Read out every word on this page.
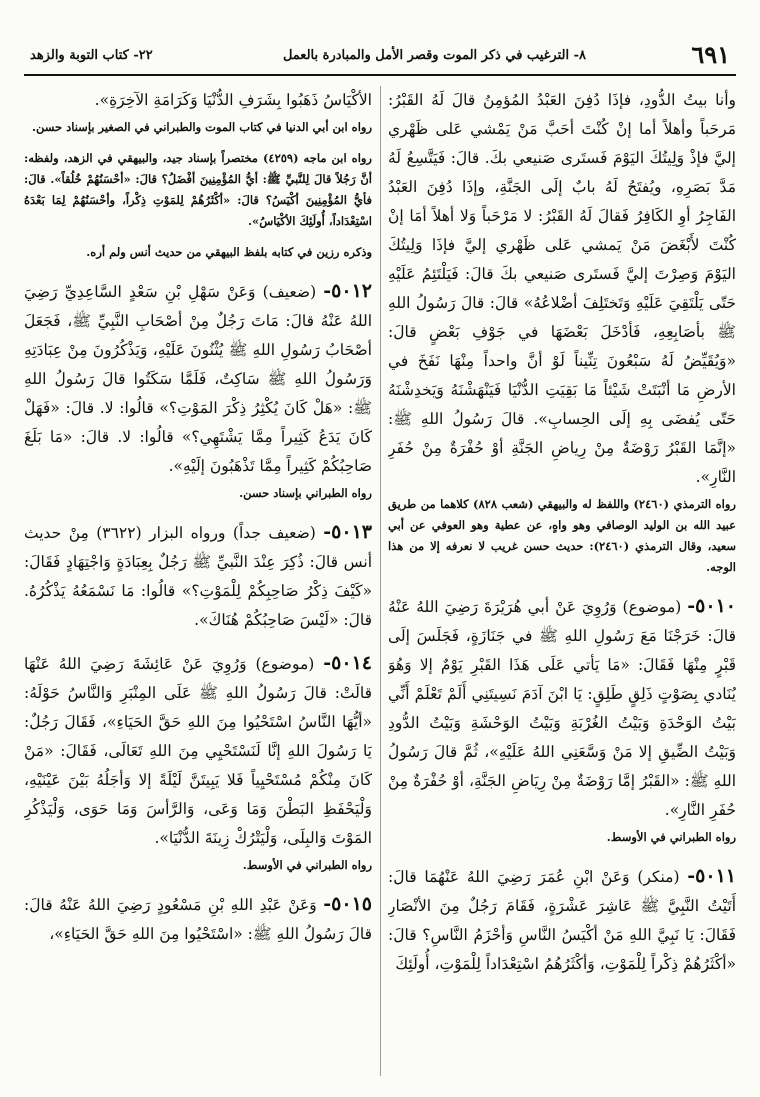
٦٩١
٨- الترغيب في ذكر الموت وقصر الأمل والمبادرة بالعمل
٢٢- كتاب التوبة والزهد

وأنا بيتُ الدُّودِ، فإذَا دُفِنَ العَبْدُ المُؤمِنُ قالَ لَهُ القَبْرُ: مَرحَباً وأهلاً أما إنْ كُنْتَ أحَبَّ مَنْ يَمْشي عَلى ظَهْري إليَّ فإذْ وَلِيتُكَ اليَوْمَ فَستَرى صَنيعي بكَ. قالَ: فَيَتَّسِعُ لَهُ مَدَّ بَصَرِهِ، ويُفتَحُ لَهُ بابٌ إلَى الجَنَّةِ، وإذَا دُفِنَ العَبْدُ الفَاجِرُ أوِ الكَافِرُ فَقالَ لَهُ القَبْرُ: لا مَرْحَباً وَلا أهلاً أمَا إنْ كُنْتَ لأَبْغَضَ مَنْ يَمشي عَلى ظَهْري إليَّ فإذَا وَلِيتُكَ اليَوْمَ وَصِرْتَ إليَّ فَستَرى صَنيعي بكَ قالَ: فَيَلْتَئِمُ عَلَيْهِ حَتّى يَلْتَقِيَ عَلَيْهِ وَتَختَلِفَ أضْلاعُهُ» قالَ: قالَ رَسُولُ اللهِ ﷺ بأصَابِعِهِ، فَأدْخَلَ بَعْضَهَا في جَوْفِ بَعْضٍ قالَ: «وَيُقَيِّضُ لَهُ سَبْعُونَ تِنِّيناً لَوْ أنَّ واحداً مِنْهَا نَفَخَ في الأرضِ مَا أنْبَتَتْ شَيْئاً مَا بَقِيَتِ الدُّنْيَا فَيَنْهَشْنَهُ وَيَخدِشْنَهُ حَتّى يُفضَى بِهِ إلَى الحِسابِ». قالَ رَسُولُ اللهِ ﷺ: «إنَّمَا القَبْرُ رَوْضَةٌ مِنْ رِياضِ الجَنَّةِ أوْ حُفْرَةٌ مِنْ حُفَرِ النَّارِ».

رواه الترمذي (٢٤٦٠) واللفظ له والبيهقي (شعب ٨٢٨) كلاهما من طريق عبيد الله بن الوليد الوصافي وهو واهٍ، عن عطية وهو العوفي عن أبي سعيد، وقال الترمذي (٢٤٦٠): حديث حسن غريب لا نعرفه إلا من هذا الوجه.

٥٠١٠- (موضوع) وَرُوِيَ عَنْ أبي هُرَيْرَةَ رَضِيَ اللهُ عَنْهُ قالَ: خَرَجْنَا مَعَ رَسُولِ اللهِ ﷺ في جَنَازَةٍ، فَجَلَسَ إلَى قَبْرٍ مِنْهَا فَقَالَ: «مَا يَأتي عَلَى هَذَا القَبْرِ يَوْمٌ إلا وَهُوَ يُنَادي بِصَوْتٍ ذَلِقٍ طَلِقٍ: يَا ابْنَ آدَمَ نَسِيتَنِي أَلَمْ تَعْلَمْ أَنِّي بَيْتُ الوَحْدَةِ وَبَيْتُ الغُرْبَةِ وَبَيْتُ الوَحْشَةِ وَبَيْتُ الدُّودِ وَبَيْتُ الضِّيقِ إلا مَنْ وَسَّعَنِي اللهُ عَلَيْهِ»، ثُمَّ قالَ رَسُولُ اللهِ ﷺ: «القَبْرُ إمَّا رَوْضَةٌ مِنْ رِيَاضِ الجَنَّةِ، أوْ حُفْرَةٌ مِنْ حُفَرِ النَّارِ».

رواه الطبراني في الأوسط.

٥٠١١- (منكر) وَعَنْ ابْنِ عُمَرَ رَضِيَ اللهُ عَنْهُمَا قالَ: أَتَيْتُ النَّبِيَّ ﷺ عَاشِرَ عَشْرَةٍ، فَقَامَ رَجُلٌ مِنَ الأنْصَارِ فَقَالَ: يَا نَبِيَّ اللهِ مَنْ أكْيَسُ النَّاسِ وَأحْزَمُ النَّاسِ؟ قالَ: «أكْثَرُهُمْ ذِكْراً لِلْمَوْتِ، وَأكْثَرُهُمُ اسْتِعْدَاداً لِلْمَوْتِ، أُولَئِكَ

الأكْيَاسُ ذَهَبُوا بِشَرَفِ الدُّنْيَا وَكَرَامَةِ الآخِرَةِ».

رواه ابن أبي الدنيا في كتاب الموت والطبراني في الصغير بإسناد حسن.

رواه ابن ماجه (٤٢٥٩) مختصراً بإسناد جيد، والبيهقي في الزهد، ولفظه: أنَّ رَجُلاً قالَ لِلنَّبيِّ ﷺ: أيُّ المُؤْمِنِينَ أفْضَلُ؟ قالَ: «أحْسَنُهُمْ خُلُقاً». قالَ: فأيُّ المُؤْمِنِينَ أكْيَسُ؟ قالَ: «أكْثَرُهُمْ لِلمَوْتِ ذِكْراً، وأحْسَنُهُمْ لِمَا بَعْدَهُ اسْتِعْدَاداً، أُولَئِكَ الأكْيَاسُ».

وذكره رزين في كتابه بلفظ البيهقي من حديث أنس ولم أره.

٥٠١٢- (ضعيف) وَعَنْ سَهْلِ بْنِ سَعْدٍ السَّاعِدِيِّ رَضِيَ اللهُ عَنْهُ قالَ: مَاتَ رَجُلٌ مِنْ أصْحَابِ النَّبِيِّ ﷺ، فَجَعَلَ أصْحَابُ رَسُولِ اللهِ ﷺ يُثْنُونَ عَلَيْهِ، وَيَذْكُرُونَ مِنْ عِبَادَتِهِ وَرَسُولُ اللهِ ﷺ سَاكِتٌ، فَلَمَّا سَكَتُوا قالَ رَسُولُ اللهِ ﷺ: «هَلْ كَانَ يُكْثِرُ ذِكْرَ المَوْتِ؟» قالُوا: لا. قالَ: «فَهَلْ كَانَ يَدَعُ كَثِيراً مِمَّا يَشْتَهِي؟» قالُوا: لا. قالَ: «مَا بَلَغَ صَاحِبُكُمْ كَثِيراً مِمَّا تَذْهَبُونَ إلَيْهِ».

رواه الطبراني بإسناد حسن.

٥٠١٣- (ضعيف جداً) ورواه البزار (٣٦٢٢) مِنْ حديث أنس قالَ: ذُكِرَ عِنْدَ النَّبيِّ ﷺ رَجُلٌ بِعِبَادَةٍ وَاجْتِهَادٍ فَقَالَ: «كَيْفَ ذِكْرُ صَاحِبِكُمْ لِلْمَوْتِ؟» قالُوا: مَا نَسْمَعُهُ يَذْكُرُهُ. قالَ: «لَيْسَ صَاحِبُكُمْ هُنَاكَ».

٥٠١٤- (موضوع) وَرُوِيَ عَنْ عَائِشَةَ رَضِيَ اللهُ عَنْهَا قالَتْ: قالَ رَسُولُ اللهِ ﷺ عَلَى المِنْبَرِ وَالنَّاسُ حَوْلَهُ: «أيُّهَا النَّاسُ اسْتَحْيُوا مِنَ اللهِ حَقَّ الحَيَاءِ»، فَقَالَ رَجُلٌ: يَا رَسُولَ اللهِ إنَّا لَنَسْتَحْيِي مِنَ اللهِ تَعَالَى، فَقَالَ: «مَنْ كَانَ مِنْكُمْ مُسْتَحْيِياً فَلا يَبِيتَنَّ لَيْلَةً إلا وَأجَلُهُ بَيْنَ عَيْنَيْهِ، وَلْيَحْفَظِ البَطْنَ وَمَا وَعَى، وَالرَّأسَ وَمَا حَوَى، وَلْيَذْكُرِ المَوْتَ وَالبِلَى، وَلْيَتْرُكْ زِينَةَ الدُّنْيَا».

رواه الطبراني في الأوسط.

٥٠١٥- وَعَنْ عَبْدِ اللهِ بْنِ مَسْعُودٍ رَضِيَ اللهُ عَنْهُ قالَ: قالَ رَسُولُ اللهِ ﷺ: «اسْتَحْيُوا مِنَ اللهِ حَقَّ الحَيَاءِ»،
